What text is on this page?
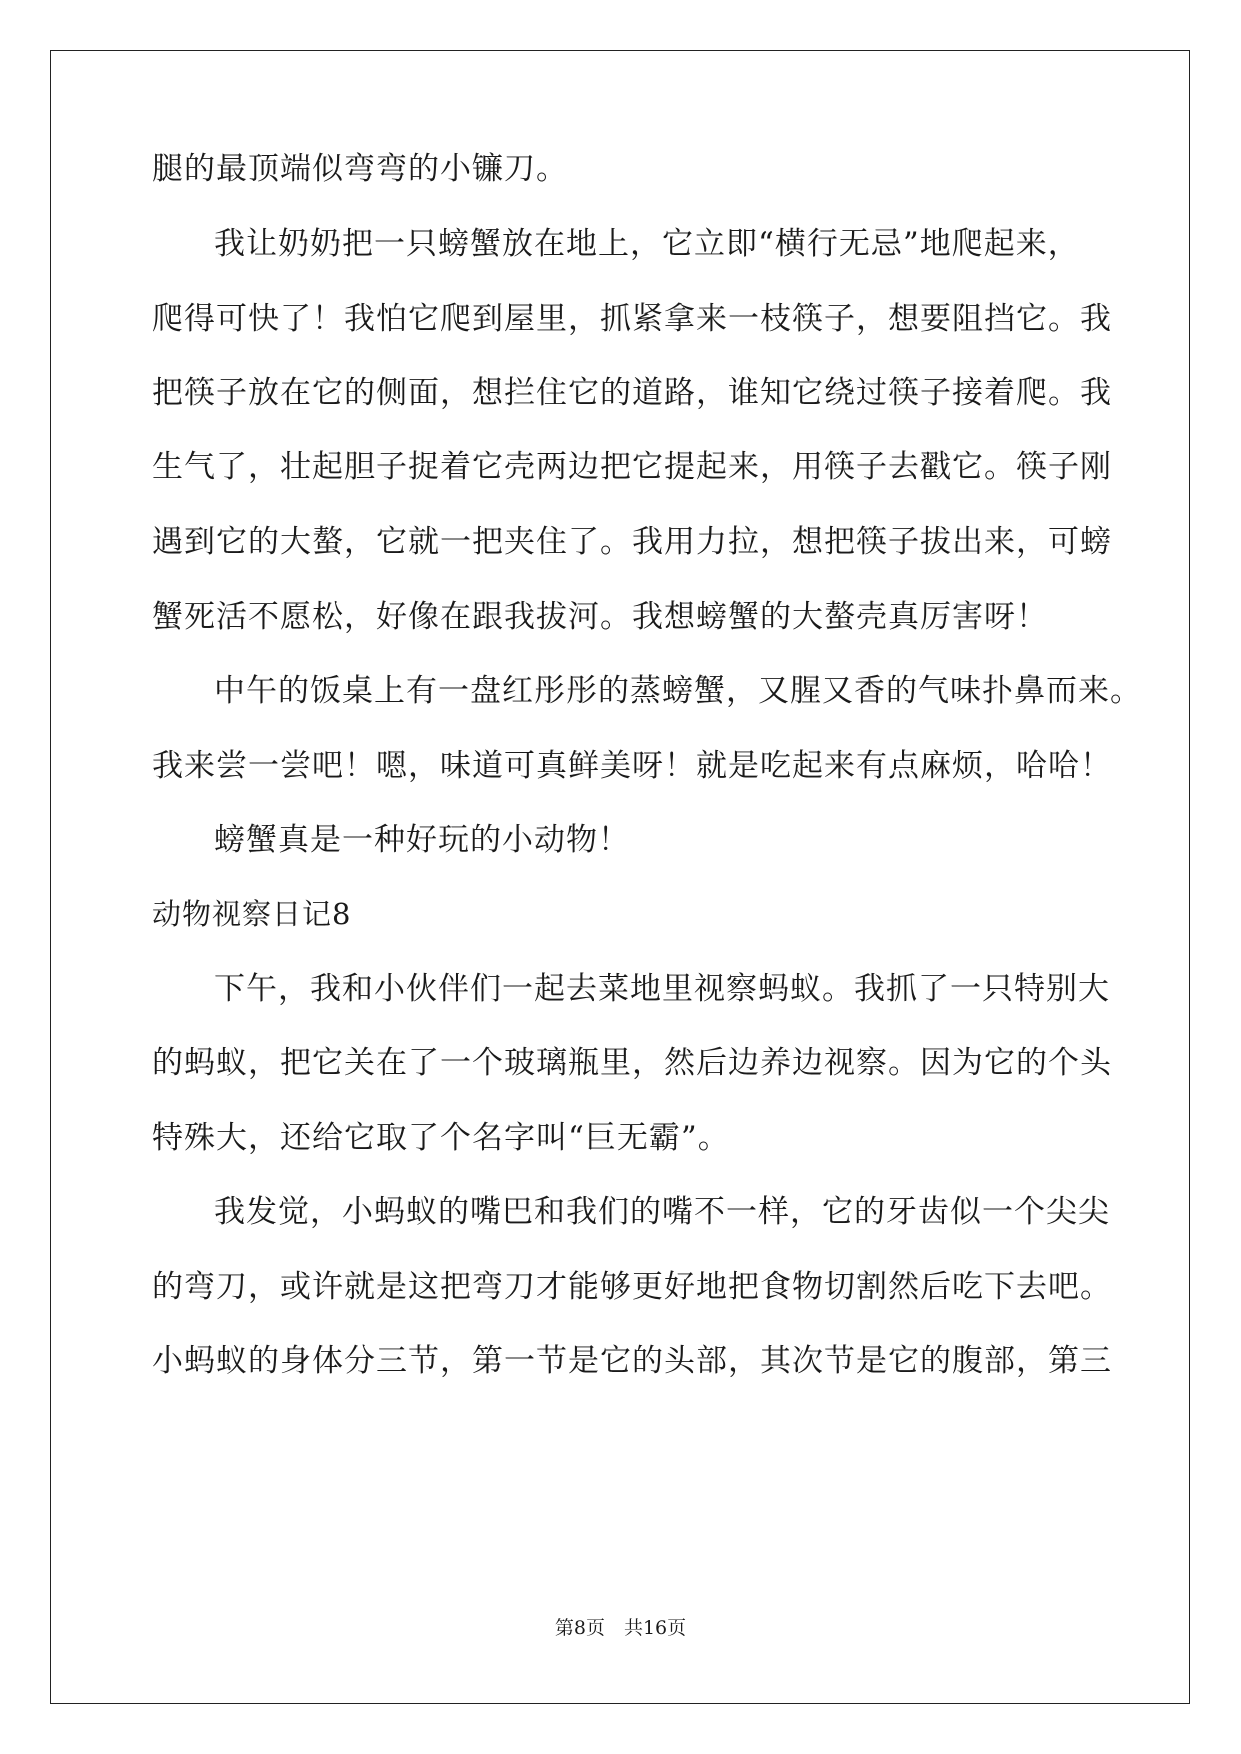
腿的最顶端似弯弯的小镰刀。
我让奶奶把一只螃蟹放在地上，它立即“横行无忌”地爬起来，
爬得可快了！我怕它爬到屋里，抓紧拿来一枝筷子，想要阻挡它。我
把筷子放在它的侧面，想拦住它的道路，谁知它绕过筷子接着爬。我
生气了，壮起胆子捉着它壳两边把它提起来，用筷子去戳它。筷子刚
遇到它的大螯，它就一把夹住了。我用力拉，想把筷子拔出来，可螃
蟹死活不愿松，好像在跟我拔河。我想螃蟹的大螯壳真厉害呀！
中午的饭桌上有一盘红彤彤的蒸螃蟹，又腥又香的气味扑鼻而来。
我来尝一尝吧！嗯，味道可真鲜美呀！就是吃起来有点麻烦，哈哈！
螃蟹真是一种好玩的小动物！
动物视察日记8
下午，我和小伙伴们一起去菜地里视察蚂蚁。我抓了一只特别大
的蚂蚁，把它关在了一个玻璃瓶里，然后边养边视察。因为它的个头
特殊大，还给它取了个名字叫“巨无霸”。
我发觉，小蚂蚁的嘴巴和我们的嘴不一样，它的牙齿似一个尖尖
的弯刀，或许就是这把弯刀才能够更好地把食物切割然后吃下去吧。
小蚂蚁的身体分三节，第一节是它的头部，其次节是它的腹部，第三
第8页　共16页
